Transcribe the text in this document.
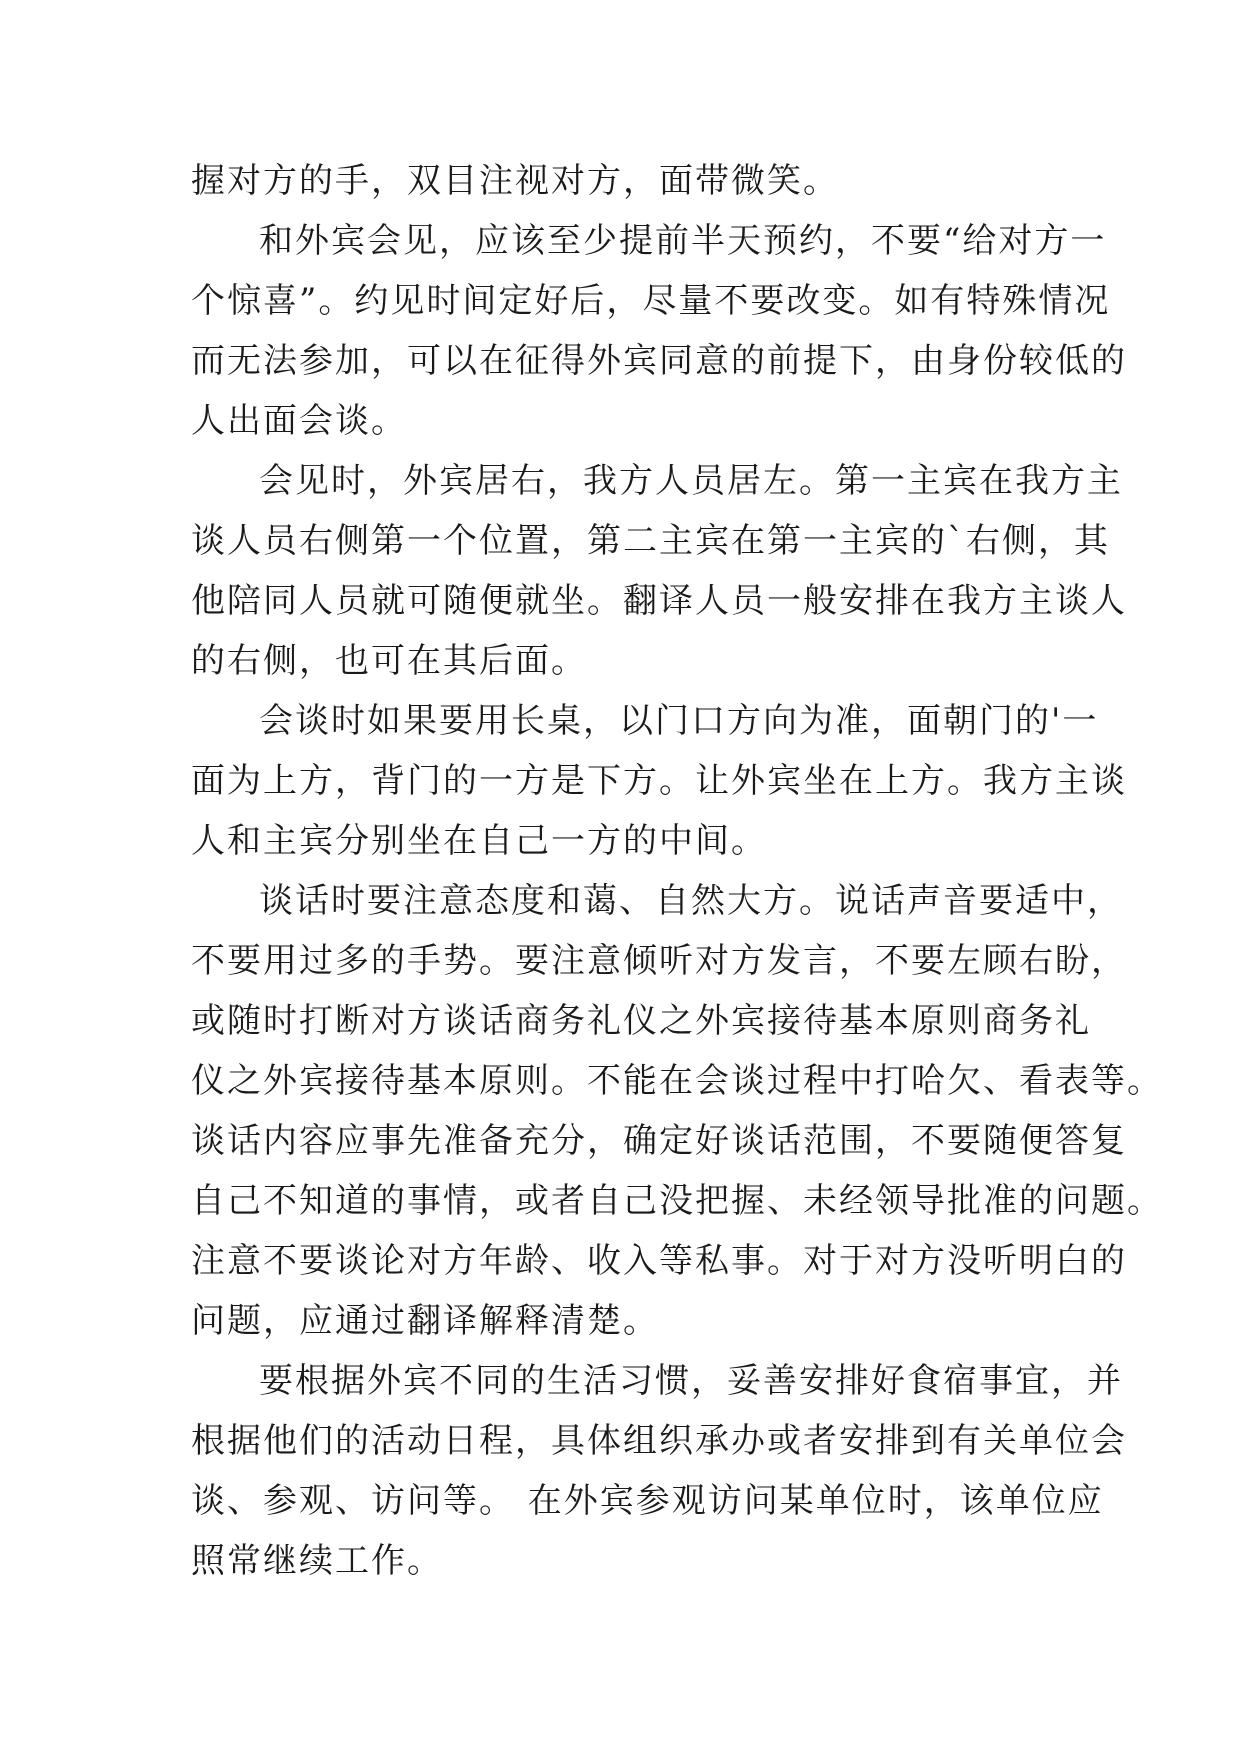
握对方的手，双目注视对方，面带微笑。
和外宾会见，应该至少提前半天预约，不要“给对方一
个惊喜”。约见时间定好后，尽量不要改变。如有特殊情况
而无法参加，可以在征得外宾同意的前提下，由身份较低的
人出面会谈。
会见时，外宾居右，我方人员居左。第一主宾在我方主
谈人员右侧第一个位置，第二主宾在第一主宾的`右侧，其
他陪同人员就可随便就坐。翻译人员一般安排在我方主谈人
的右侧，也可在其后面。
会谈时如果要用长桌，以门口方向为准，面朝门的'一
面为上方，背门的一方是下方。让外宾坐在上方。我方主谈
人和主宾分别坐在自己一方的中间。
谈话时要注意态度和蔼、自然大方。说话声音要适中，
不要用过多的手势。要注意倾听对方发言，不要左顾右盼，
或随时打断对方谈话商务礼仪之外宾接待基本原则商务礼
仪之外宾接待基本原则。不能在会谈过程中打哈欠、看表等。
谈话内容应事先准备充分，确定好谈话范围，不要随便答复
自己不知道的事情，或者自己没把握、未经领导批准的问题。
注意不要谈论对方年龄、收入等私事。对于对方没听明白的
问题，应通过翻译解释清楚。
要根据外宾不同的生活习惯，妥善安排好食宿事宜，并
根据他们的活动日程，具体组织承办或者安排到有关单位会
谈、参观、访问等。 在外宾参观访问某单位时，该单位应
照常继续工作。
